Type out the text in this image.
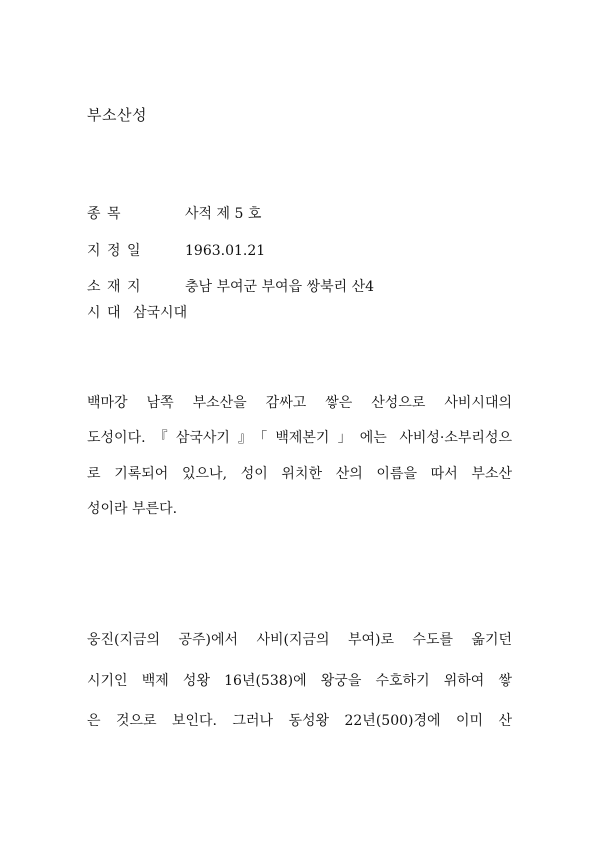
부소산성
종 목	사적 제 5 호
지 정 일	1963.01.21
소 재 지	충남 부여군 부여읍 쌍북리 산4
시 대 삼국시대
백마강 남쪽 부소산을 감싸고 쌓은 산성으로 사비시대의
도성이다.『삼국사기』「백제본기」에는 사비성·소부리성으
로 기록되어 있으나, 성이 위치한 산의 이름을 따서 부소산
성이라 부른다.
웅진(지금의 공주)에서 사비(지금의 부여)로 수도를 옮기던
시기인 백제 성왕 16년(538)에 왕궁을 수호하기 위하여 쌓
은 것으로 보인다. 그러나 동성왕 22년(500)경에 이미 산
